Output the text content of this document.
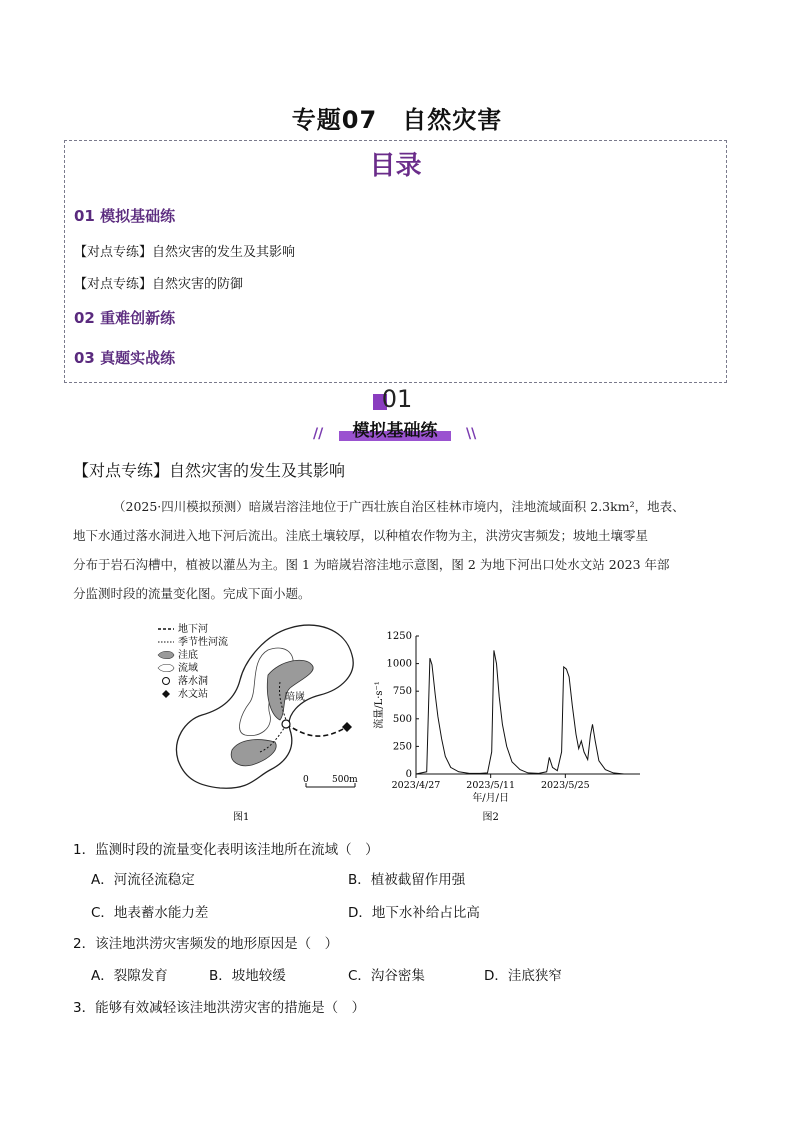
专题07　自然灾害
目录
01 模拟基础练
【对点专练】自然灾害的发生及其影响
【对点专练】自然灾害的防御
02 重难创新练
03 真题实战练
01
模拟基础练
//	\\
【对点专练】自然灾害的发生及其影响
（2025·四川模拟预测）暗嵗岩溶洼地位于广西壮族自治区桂林市境内，洼地流域面积 2.3km²，地表、
地下水通过落水洞进入地下河后流出。洼底土壤较厚，以种植农作物为主，洪涝灾害频发；坡地土壤零星
分布于岩石沟槽中，植被以灌丛为主。图 1 为暗嵗岩溶洼地示意图，图 2 为地下河出口处水文站 2023 年部
分监测时段的流量变化图。完成下面小题。
地下河
季节性河流
洼底
流域
落水洞
水文站	暗嵗
0	500m
图1
0
250
500
750
1000
1250
2023/4/27	2023/5/11	2023/5/25
流量/L·s⁻¹
年/月/日
图2
1．监测时段的流量变化表明该洼地所在流域（　）
A．河流径流稳定	B．植被截留作用强
C．地表蓄水能力差	D．地下水补给占比高
2．该洼地洪涝灾害频发的地形原因是（　）
A．裂隙发育	B．坡地较缓	C．沟谷密集	D．洼底狭窄
3．能够有效减轻该洼地洪涝灾害的措施是（　）
